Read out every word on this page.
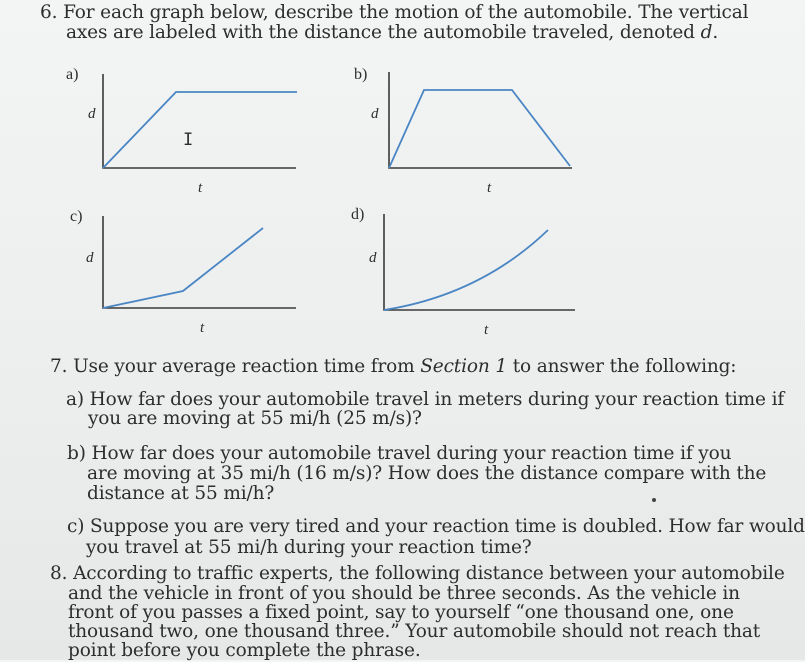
6. For each graph below, describe the motion of the automobile. The vertical
axes are labeled with the distance the automobile traveled, denoted d.
a)	b)
c)	d)
d
t
d
t
d
t
d
t
I
7. Use your average reaction time from Section 1 to answer the following:
a) How far does your automobile travel in meters during your reaction time if
you are moving at 55 mi/h (25 m/s)?
b) How far does your automobile travel during your reaction time if you
are moving at 35 mi/h (16 m/s)? How does the distance compare with the
distance at 55 mi/h?
c) Suppose you are very tired and your reaction time is doubled. How far would
you travel at 55 mi/h during your reaction time?
8. According to traffic experts, the following distance between your automobile
and the vehicle in front of you should be three seconds. As the vehicle in
front of you passes a fixed point, say to yourself “one thousand one, one
thousand two, one thousand three.” Your automobile should not reach that
point before you complete the phrase.
